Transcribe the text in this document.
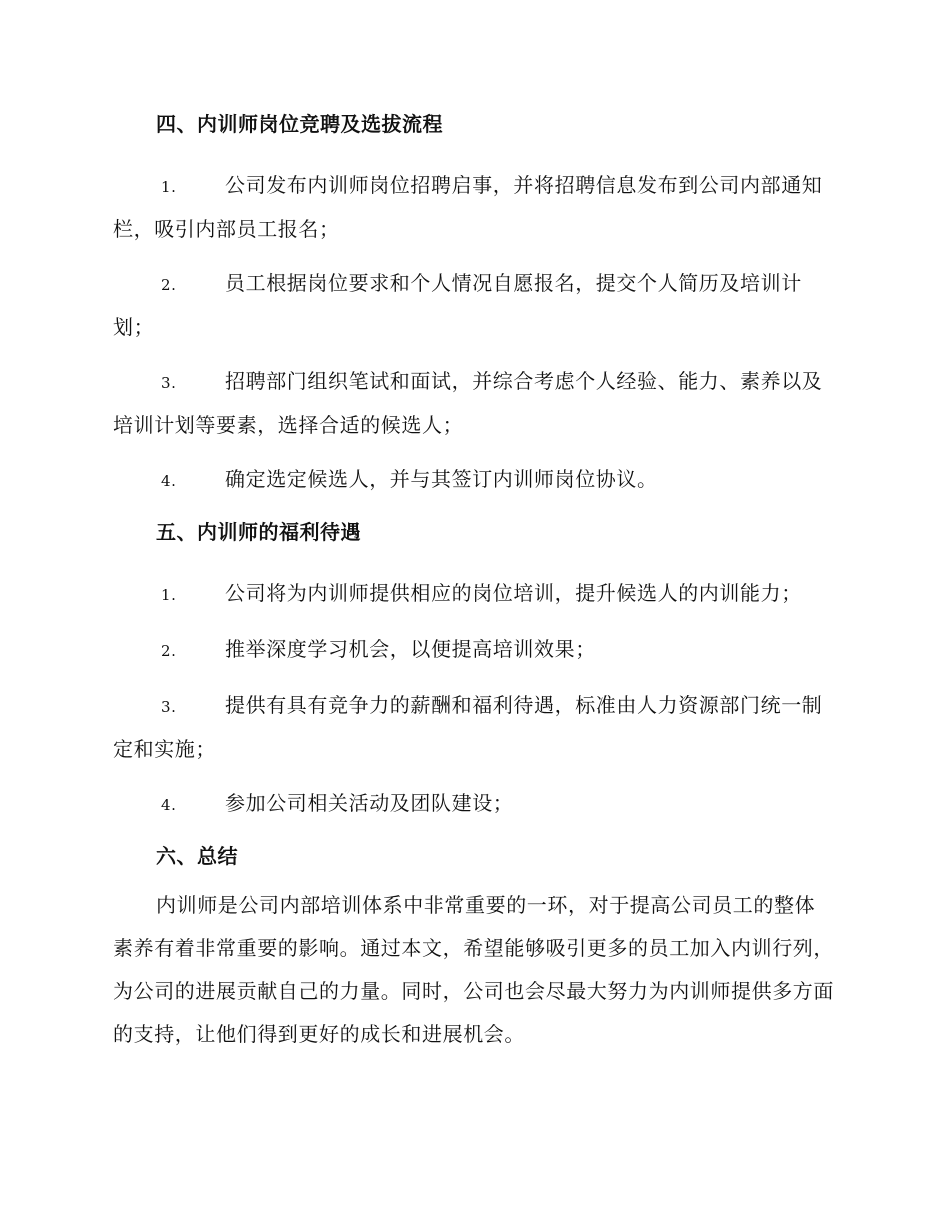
四、内训师岗位竞聘及选拔流程
1. 公司发布内训师岗位招聘启事，并将招聘信息发布到公司内部通知栏，吸引内部员工报名；
2. 员工根据岗位要求和个人情况自愿报名，提交个人简历及培训计划；
3. 招聘部门组织笔试和面试，并综合考虑个人经验、能力、素养以及培训计划等要素，选择合适的候选人；
4. 确定选定候选人，并与其签订内训师岗位协议。
五、内训师的福利待遇
1. 公司将为内训师提供相应的岗位培训，提升候选人的内训能力；
2. 推举深度学习机会，以便提高培训效果；
3. 提供有具有竞争力的薪酬和福利待遇，标准由人力资源部门统一制定和实施；
4. 参加公司相关活动及团队建设；
六、总结

内训师是公司内部培训体系中非常重要的一环，对于提高公司员工的整体素养有着非常重要的影响。通过本文，希望能够吸引更多的员工加入内训行列，为公司的进展贡献自己的力量。同时，公司也会尽最大努力为内训师提供多方面的支持，让他们得到更好的成长和进展机会。
